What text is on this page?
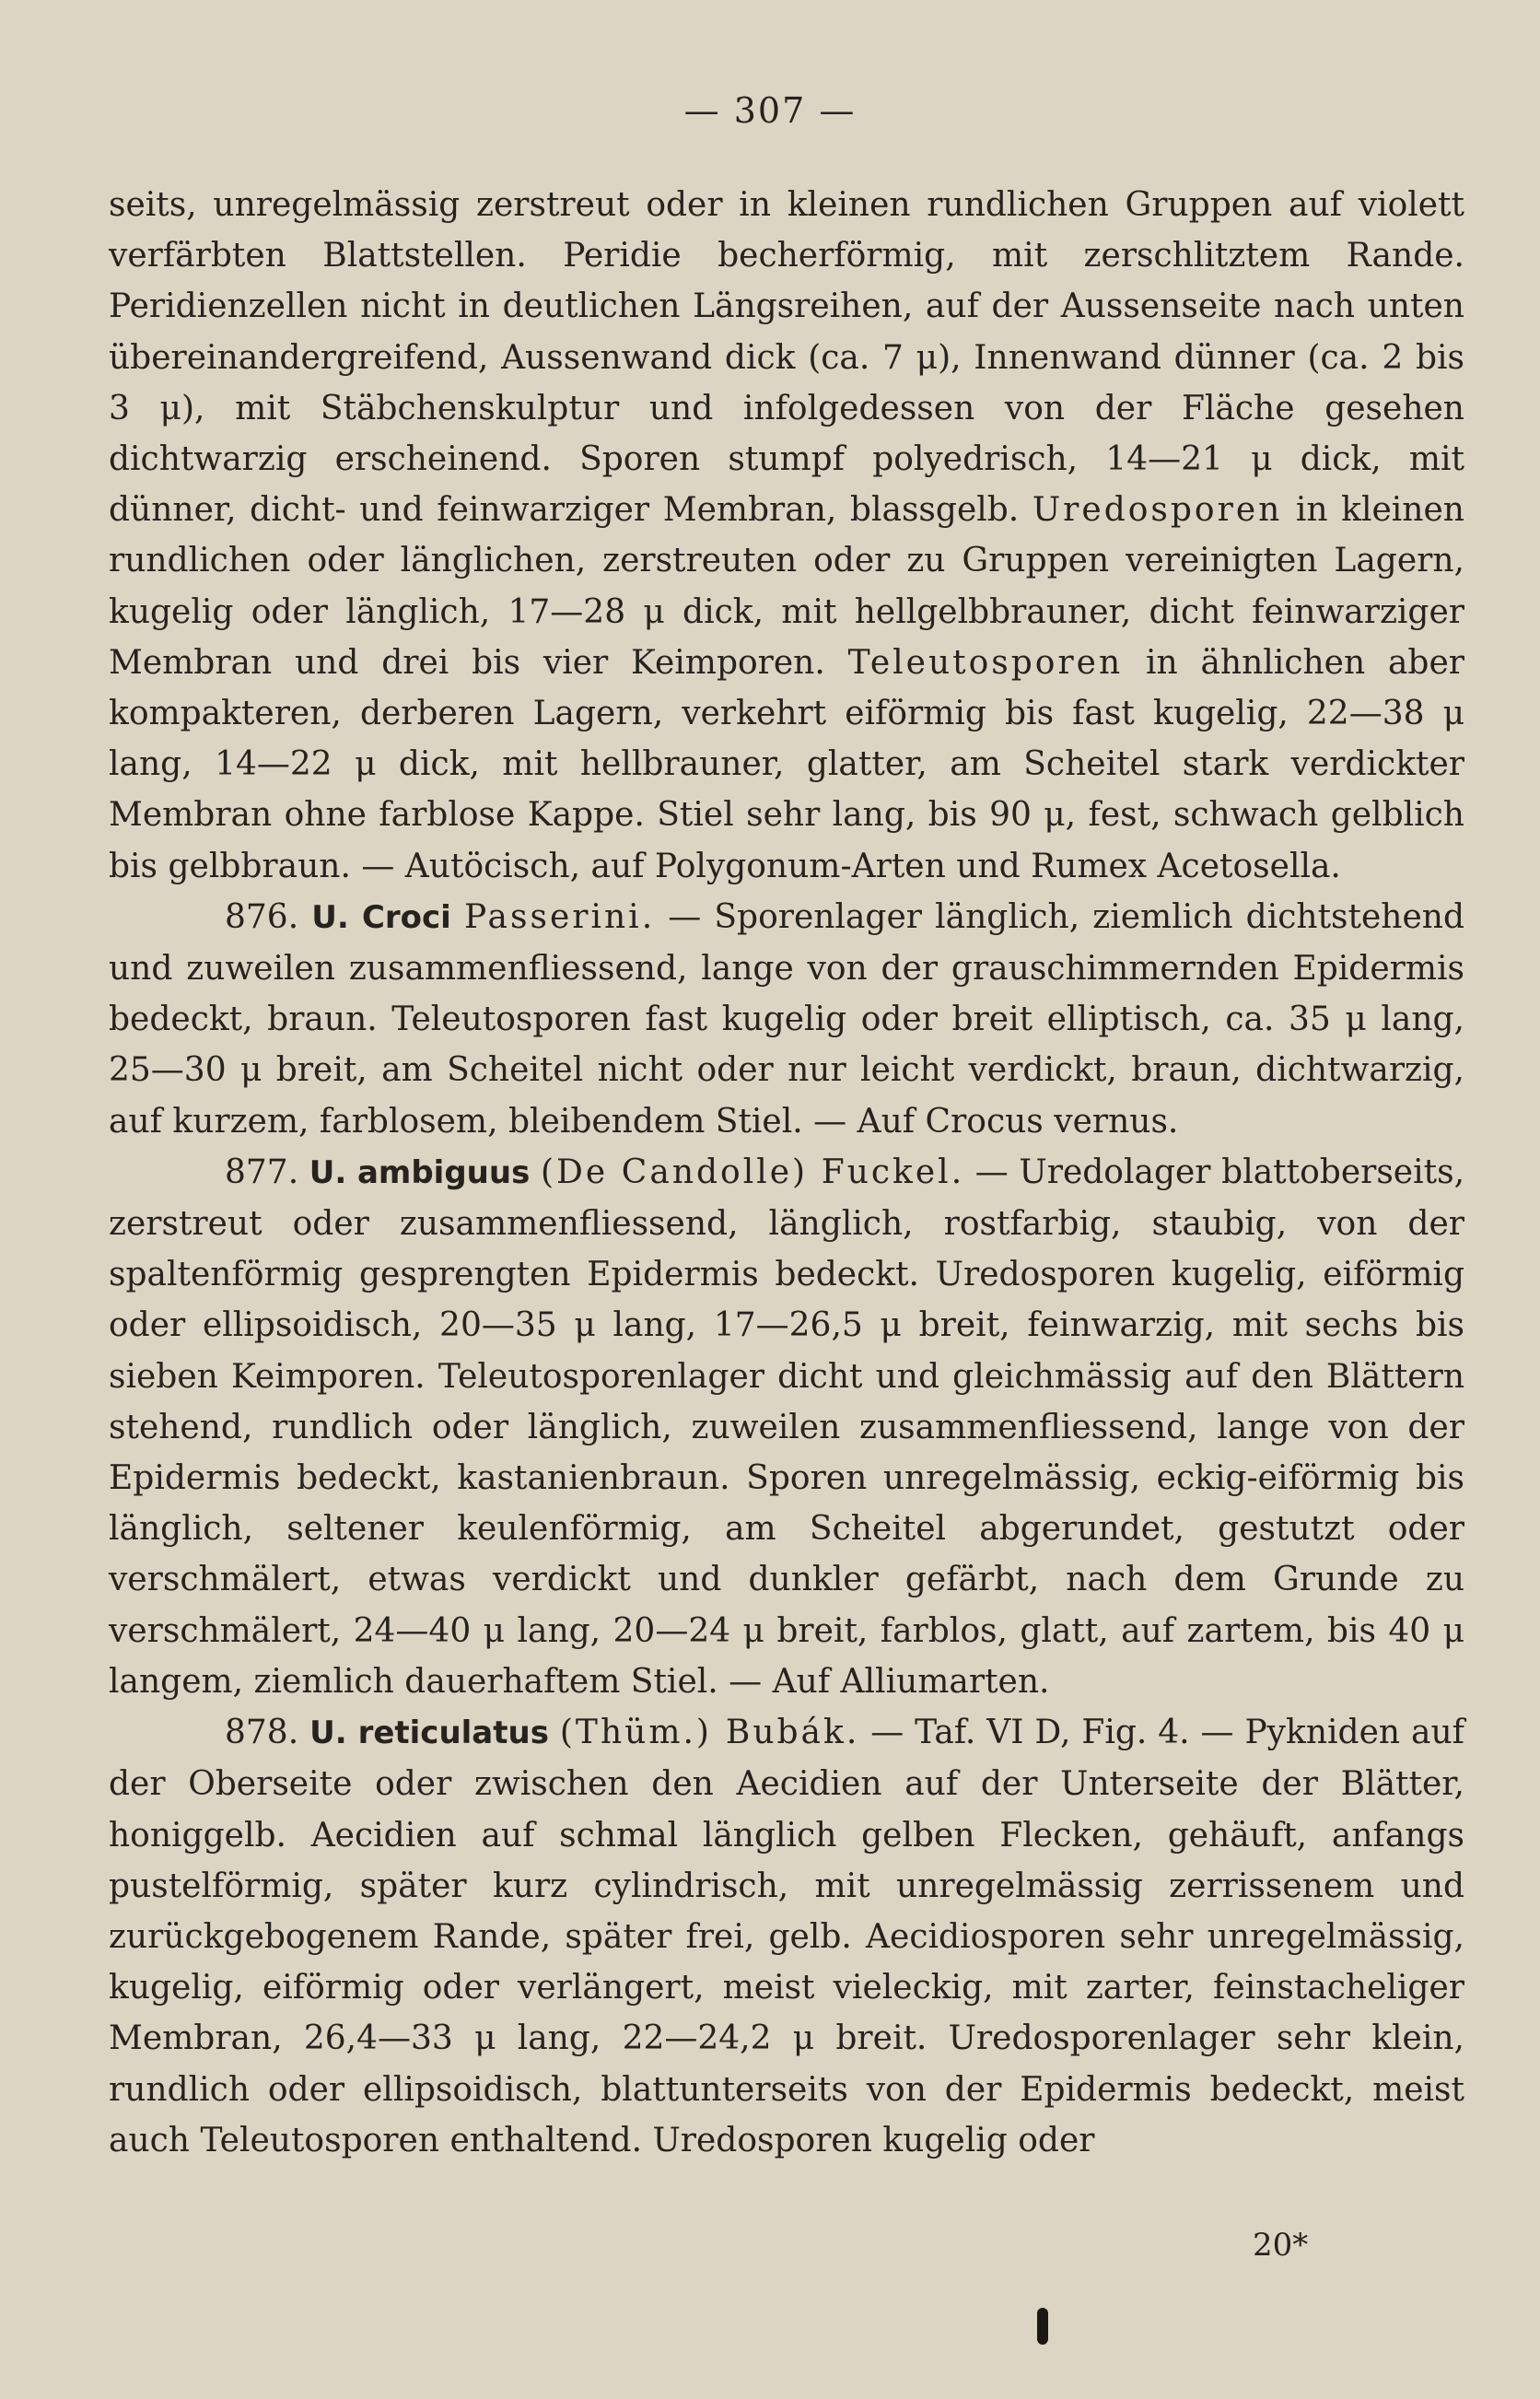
— 307 —

seits, unregelmässig zerstreut oder in kleinen rundlichen Gruppen auf violett verfärbten Blattstellen. Peridie becherförmig, mit zerschlitztem Rande. Peridienzellen nicht in deutlichen Längsreihen, auf der Aussenseite nach unten übereinandergreifend, Aussenwand dick (ca. 7 μ), Innenwand dünner (ca. 2 bis 3 μ), mit Stäbchenskulptur und infolgedessen von der Fläche gesehen dichtwarzig erscheinend. Sporen stumpf polyedrisch, 14—21 μ dick, mit dünner, dicht- und feinwarziger Membran, blassgelb. Uredosporen in kleinen rundlichen oder länglichen, zerstreuten oder zu Gruppen vereinigten Lagern, kugelig oder länglich, 17—28 μ dick, mit hellgelbbrauner, dicht feinwarziger Membran und drei bis vier Keimporen. Teleutosporen in ähnlichen aber kompakteren, derberen Lagern, verkehrt eiförmig bis fast kugelig, 22—38 μ lang, 14—22 μ dick, mit hellbrauner, glatter, am Scheitel stark verdickter Membran ohne farblose Kappe. Stiel sehr lang, bis 90 μ, fest, schwach gelblich bis gelbbraun. — Autöcisch, auf Polygonum-Arten und Rumex Acetosella.

876. U. Croci Passerini. — Sporenlager länglich, ziemlich dichtstehend und zuweilen zusammenfliessend, lange von der grauschimmernden Epidermis bedeckt, braun. Teleutosporen fast kugelig oder breit elliptisch, ca. 35 μ lang, 25—30 μ breit, am Scheitel nicht oder nur leicht verdickt, braun, dichtwarzig, auf kurzem, farblosem, bleibendem Stiel. — Auf Crocus vernus.

877. U. ambiguus (De Candolle) Fuckel. — Uredolager blattoberseits, zerstreut oder zusammenfliessend, länglich, rostfarbig, staubig, von der spaltenförmig gesprengten Epidermis bedeckt. Uredosporen kugelig, eiförmig oder ellipsoidisch, 20—35 μ lang, 17—26,5 μ breit, feinwarzig, mit sechs bis sieben Keimporen. Teleutosporenlager dicht und gleichmässig auf den Blättern stehend, rundlich oder länglich, zuweilen zusammenfliessend, lange von der Epidermis bedeckt, kastanienbraun. Sporen unregelmässig, eckig-eiförmig bis länglich, seltener keulenförmig, am Scheitel abgerundet, gestutzt oder verschmälert, etwas verdickt und dunkler gefärbt, nach dem Grunde zu verschmälert, 24—40 μ lang, 20—24 μ breit, farblos, glatt, auf zartem, bis 40 μ langem, ziemlich dauerhaftem Stiel. — Auf Alliumarten.

878. U. reticulatus (Thüm.) Bubák. — Taf. VI D, Fig. 4. — Pykniden auf der Oberseite oder zwischen den Aecidien auf der Unterseite der Blätter, honiggelb. Aecidien auf schmal länglich gelben Flecken, gehäuft, anfangs pustelförmig, später kurz cylindrisch, mit unregelmässig zerrissenem und zurückgebogenem Rande, später frei, gelb. Aecidiosporen sehr unregelmässig, kugelig, eiförmig oder verlängert, meist vieleckig, mit zarter, feinstacheliger Membran, 26,4—33 μ lang, 22—24,2 μ breit. Uredosporenlager sehr klein, rundlich oder ellipsoidisch, blattunterseits von der Epidermis bedeckt, meist auch Teleutosporen enthaltend. Uredosporen kugelig oder

20*
